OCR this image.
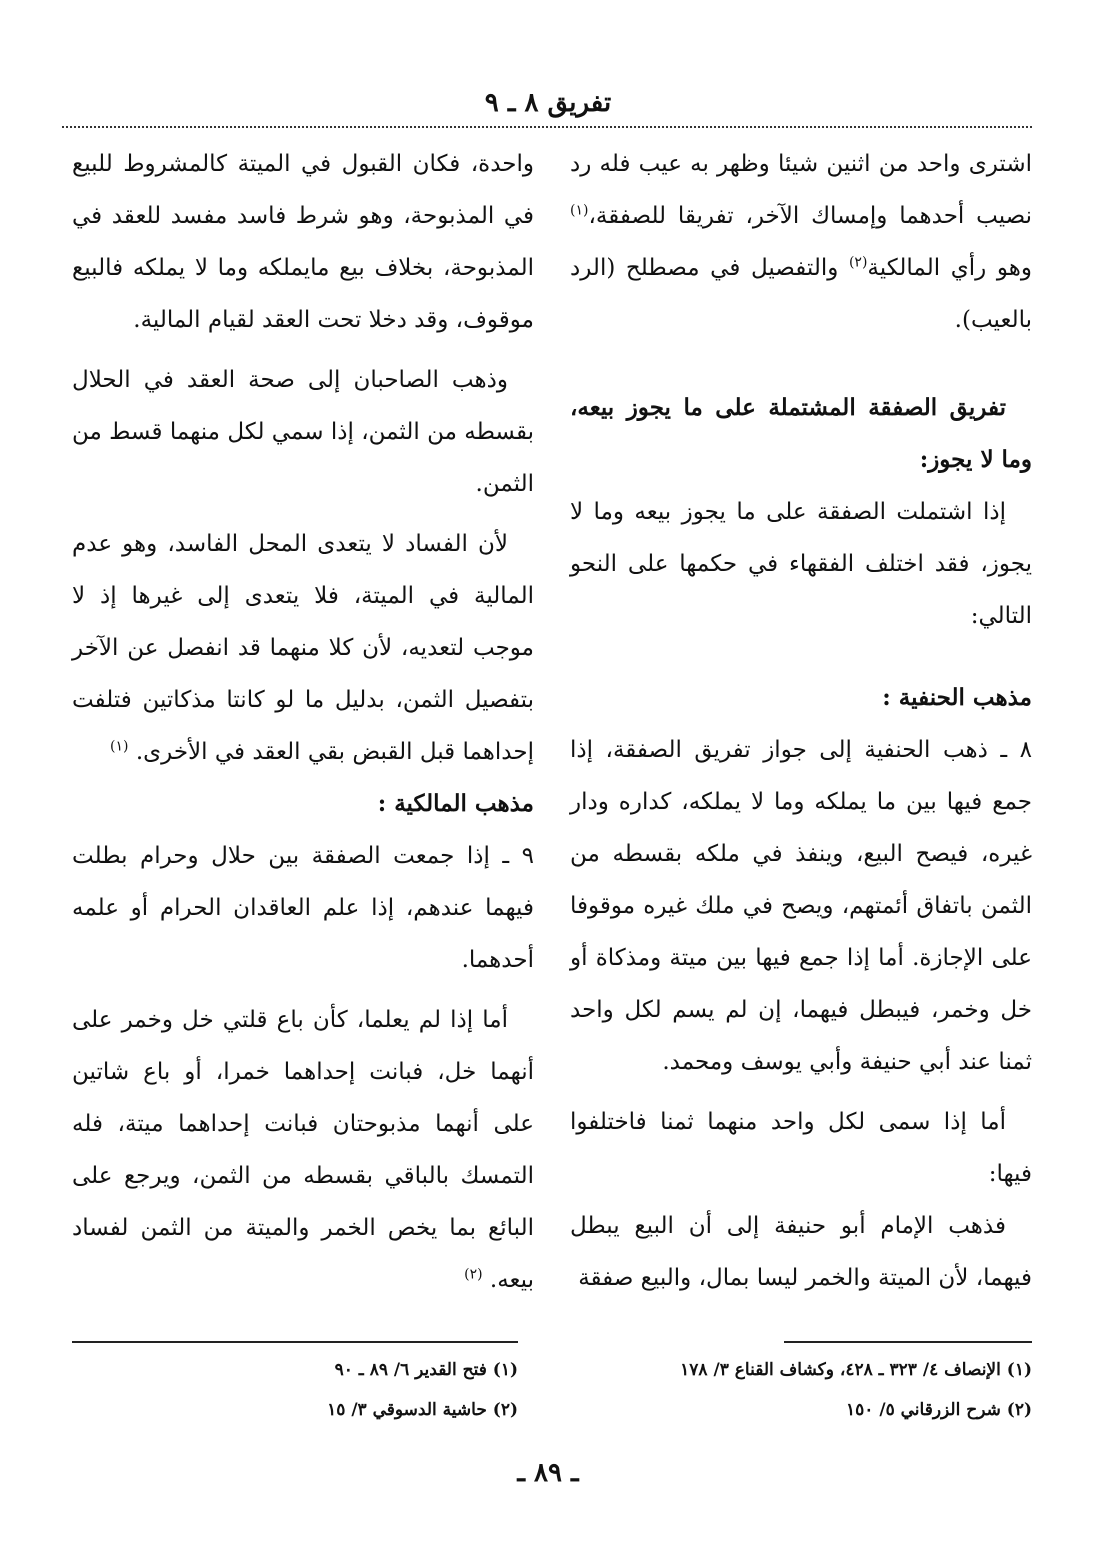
تفريق ٨ ـ ٩

اشترى واحد من اثنين شيئا وظهر به عيب فله رد نصيب أحدهما وإمساك الآخر، تفريقا للصفقة،$^{(١)}$ وهو رأي المالكية$^{(٢)}$ والتفصيل في مصطلح (الرد بالعيب).

تفريق الصفقة المشتملة على ما يجوز بيعه، وما لا يجوز:

إذا اشتملت الصفقة على ما يجوز بيعه وما لا يجوز، فقد اختلف الفقهاء في حكمها على النحو التالي:

مذهب الحنفية :

٨ ـ ذهب الحنفية إلى جواز تفريق الصفقة، إذا جمع فيها بين ما يملكه وما لا يملكه، كداره ودار غيره، فيصح البيع، وينفذ في ملكه بقسطه من الثمن باتفاق أئمتهم، ويصح في ملك غيره موقوفا على الإجازة. أما إذا جمع فيها بين ميتة ومذكاة أو خل وخمر، فيبطل فيهما، إن لم يسم لكل واحد ثمنا عند أبي حنيفة وأبي يوسف ومحمد.

أما إذا سمى لكل واحد منهما ثمنا فاختلفوا فيها:

فذهب الإمام أبو حنيفة إلى أن البيع يبطل فيهما، لأن الميتة والخمر ليسا بمال، والبيع صفقة

واحدة، فكان القبول في الميتة كالمشروط للبيع في المذبوحة، وهو شرط فاسد مفسد للعقد في المذبوحة، بخلاف بيع مايملكه وما لا يملكه فالبيع موقوف، وقد دخلا تحت العقد لقيام المالية.

وذهب الصاحبان إلى صحة العقد في الحلال بقسطه من الثمن، إذا سمي لكل منهما قسط من الثمن.

لأن الفساد لا يتعدى المحل الفاسد، وهو عدم المالية في الميتة، فلا يتعدى إلى غيرها إذ لا موجب لتعديه، لأن كلا منهما قد انفصل عن الآخر بتفصيل الثمن، بدليل ما لو كانتا مذكاتين فتلفت إحداهما قبل القبض بقي العقد في الأخرى. $^{(١)}$

مذهب المالكية :

٩ ـ إذا جمعت الصفقة بين حلال وحرام بطلت فيهما عندهم، إذا علم العاقدان الحرام أو علمه أحدهما.

أما إذا لم يعلما، كأن باع قلتي خل وخمر على أنهما خل، فبانت إحداهما خمرا، أو باع شاتين على أنهما مذبوحتان فبانت إحداهما ميتة، فله التمسك بالباقي بقسطه من الثمن، ويرجع على البائع بما يخص الخمر والميتة من الثمن لفساد بيعه. $^{(٢)}$

(١) الإنصاف ٤/ ٣٢٣ ـ ٤٢٨، وكشاف القناع ٣/ ١٧٨
(٢) شرح الزرقاني ٥/ ١٥٠
(١) فتح القدير ٦/ ٨٩ ـ ٩٠
(٢) حاشية الدسوقي ٣/ ١٥
ـ ٨٩ ـ
